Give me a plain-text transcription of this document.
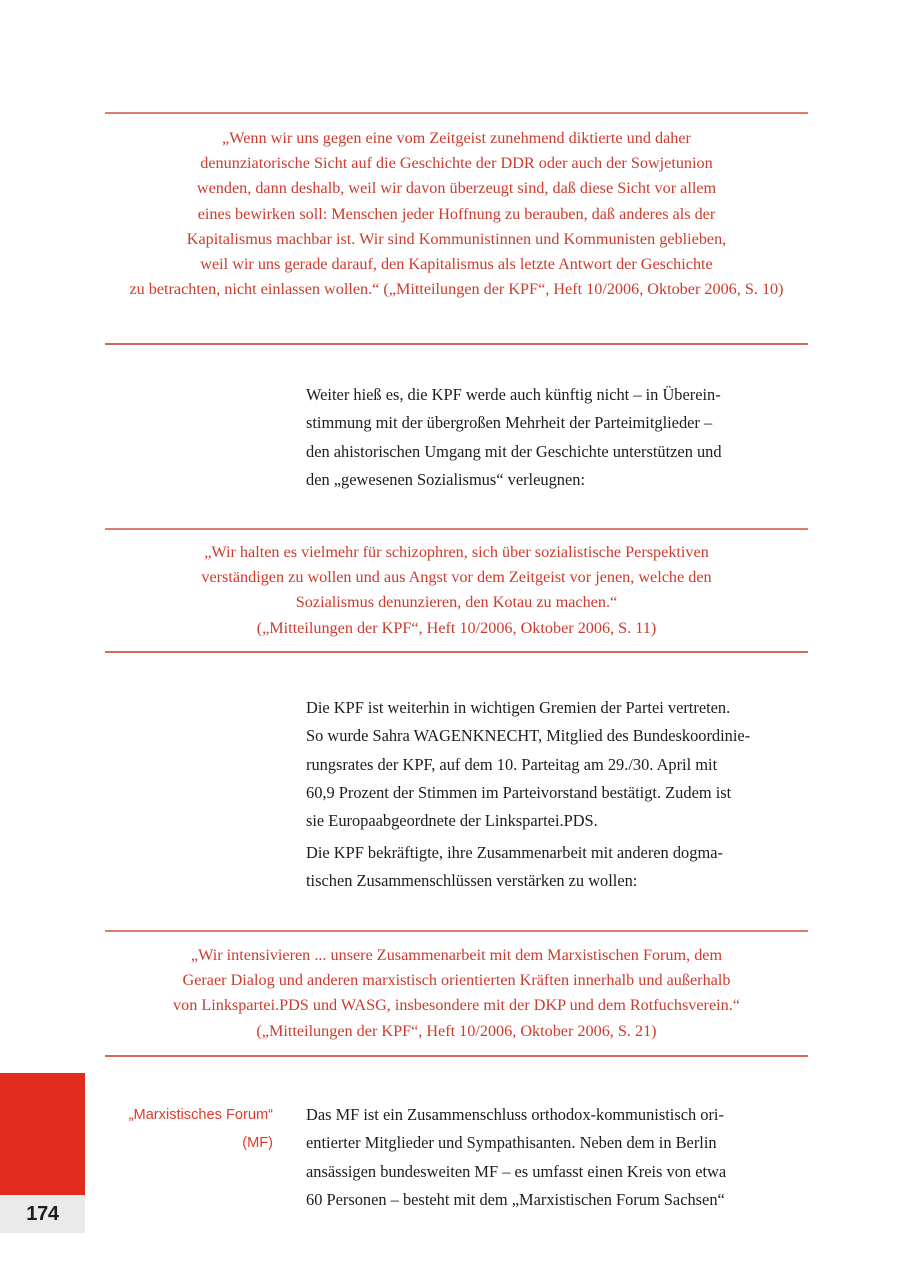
„Wenn wir uns gegen eine vom Zeitgeist zunehmend diktierte und daher denunziatorische Sicht auf die Geschichte der DDR oder auch der Sowjetunion wenden, dann deshalb, weil wir davon überzeugt sind, daß diese Sicht vor allem eines bewirken soll: Menschen jeder Hoffnung zu berauben, daß anderes als der Kapitalismus machbar ist. Wir sind Kommunistinnen und Kommunisten geblieben, weil wir uns gerade darauf, den Kapitalismus als letzte Antwort der Geschichte zu betrachten, nicht einlassen wollen.“ („Mitteilungen der KPF“, Heft 10/2006, Oktober 2006, S. 10)
Weiter hieß es, die KPF werde auch künftig nicht – in Überein- stimmung mit der übergroßen Mehrheit der Parteimitglieder – den ahistorischen Umgang mit der Geschichte unterstützen und den „gewesenen Sozialismus“ verleugnen:
„Wir halten es vielmehr für schizophren, sich über sozialistische Perspektiven verständigen zu wollen und aus Angst vor dem Zeitgeist vor jenen, welche den Sozialismus denunzieren, den Kotau zu machen.“ („Mitteilungen der KPF“, Heft 10/2006, Oktober 2006, S. 11)
Die KPF ist weiterhin in wichtigen Gremien der Partei vertreten. So wurde Sahra WAGENKNECHT, Mitglied des Bundeskoordinie- rungsrates der KPF, auf dem 10. Parteitag am 29./30. April mit 60,9 Prozent der Stimmen im Parteivorstand bestätigt. Zudem ist sie Europaabgeordnete der Linkspartei.PDS.
Die KPF bekräftigte, ihre Zusammenarbeit mit anderen dogma- tischen Zusammenschlüssen verstärken zu wollen:
„Wir intensivieren ... unsere Zusammenarbeit mit dem Marxistischen Forum, dem Geraer Dialog und anderen marxistisch orientierten Kräften innerhalb und außerhalb von Linkspartei.PDS und WASG, insbesondere mit der DKP und dem Rotfuchsverein.“ („Mitteilungen der KPF“, Heft 10/2006, Oktober 2006, S. 21)
174
„Marxistisches Forum“
(MF)
Das MF ist ein Zusammenschluss orthodox-kommunistisch ori- entierter Mitglieder und Sympathisanten. Neben dem in Berlin ansässigen bundesweiten MF – es umfasst einen Kreis von etwa 60 Personen – besteht mit dem „Marxistischen Forum Sachsen“
